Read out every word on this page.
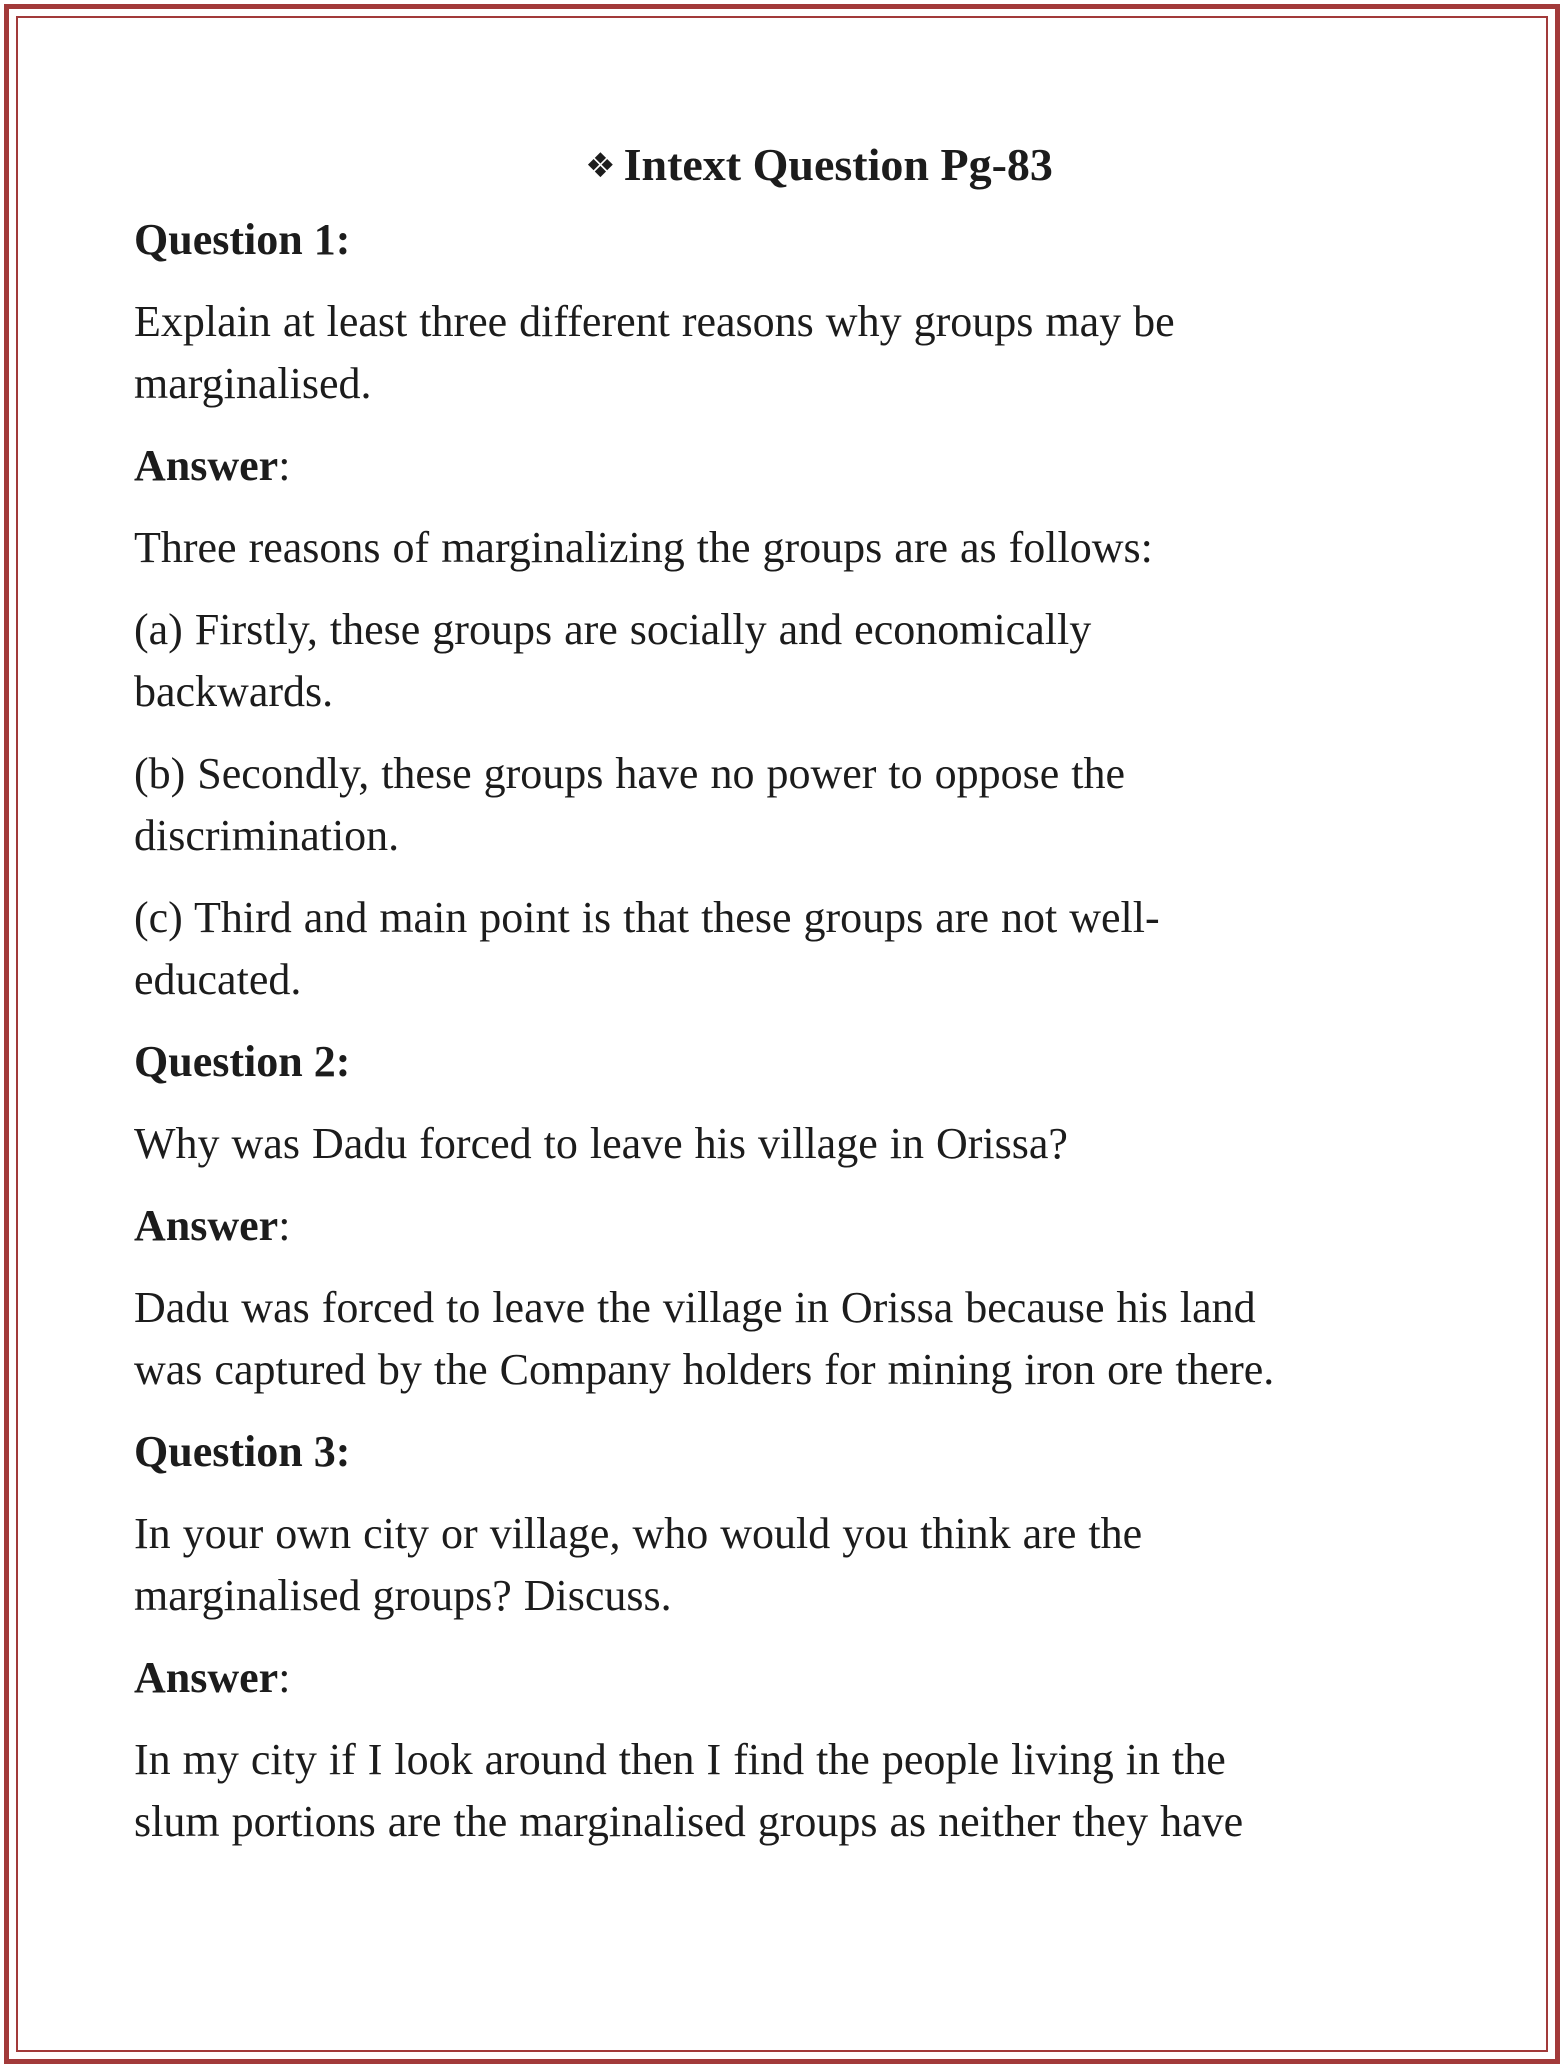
❖ Intext Question Pg-83
Question 1:
Explain at least three different reasons why groups may be
marginalised.
Answer:
Three reasons of marginalizing the groups are as follows:
(a) Firstly, these groups are socially and economically
backwards.
(b) Secondly, these groups have no power to oppose the
discrimination.
(c) Third and main point is that these groups are not well-
educated.
Question 2:
Why was Dadu forced to leave his village in Orissa?
Answer:
Dadu was forced to leave the village in Orissa because his land
was captured by the Company holders for mining iron ore there.
Question 3:
In your own city or village, who would you think are the
marginalised groups? Discuss.
Answer:
In my city if I look around then I find the people living in the
slum portions are the marginalised groups as neither they have
